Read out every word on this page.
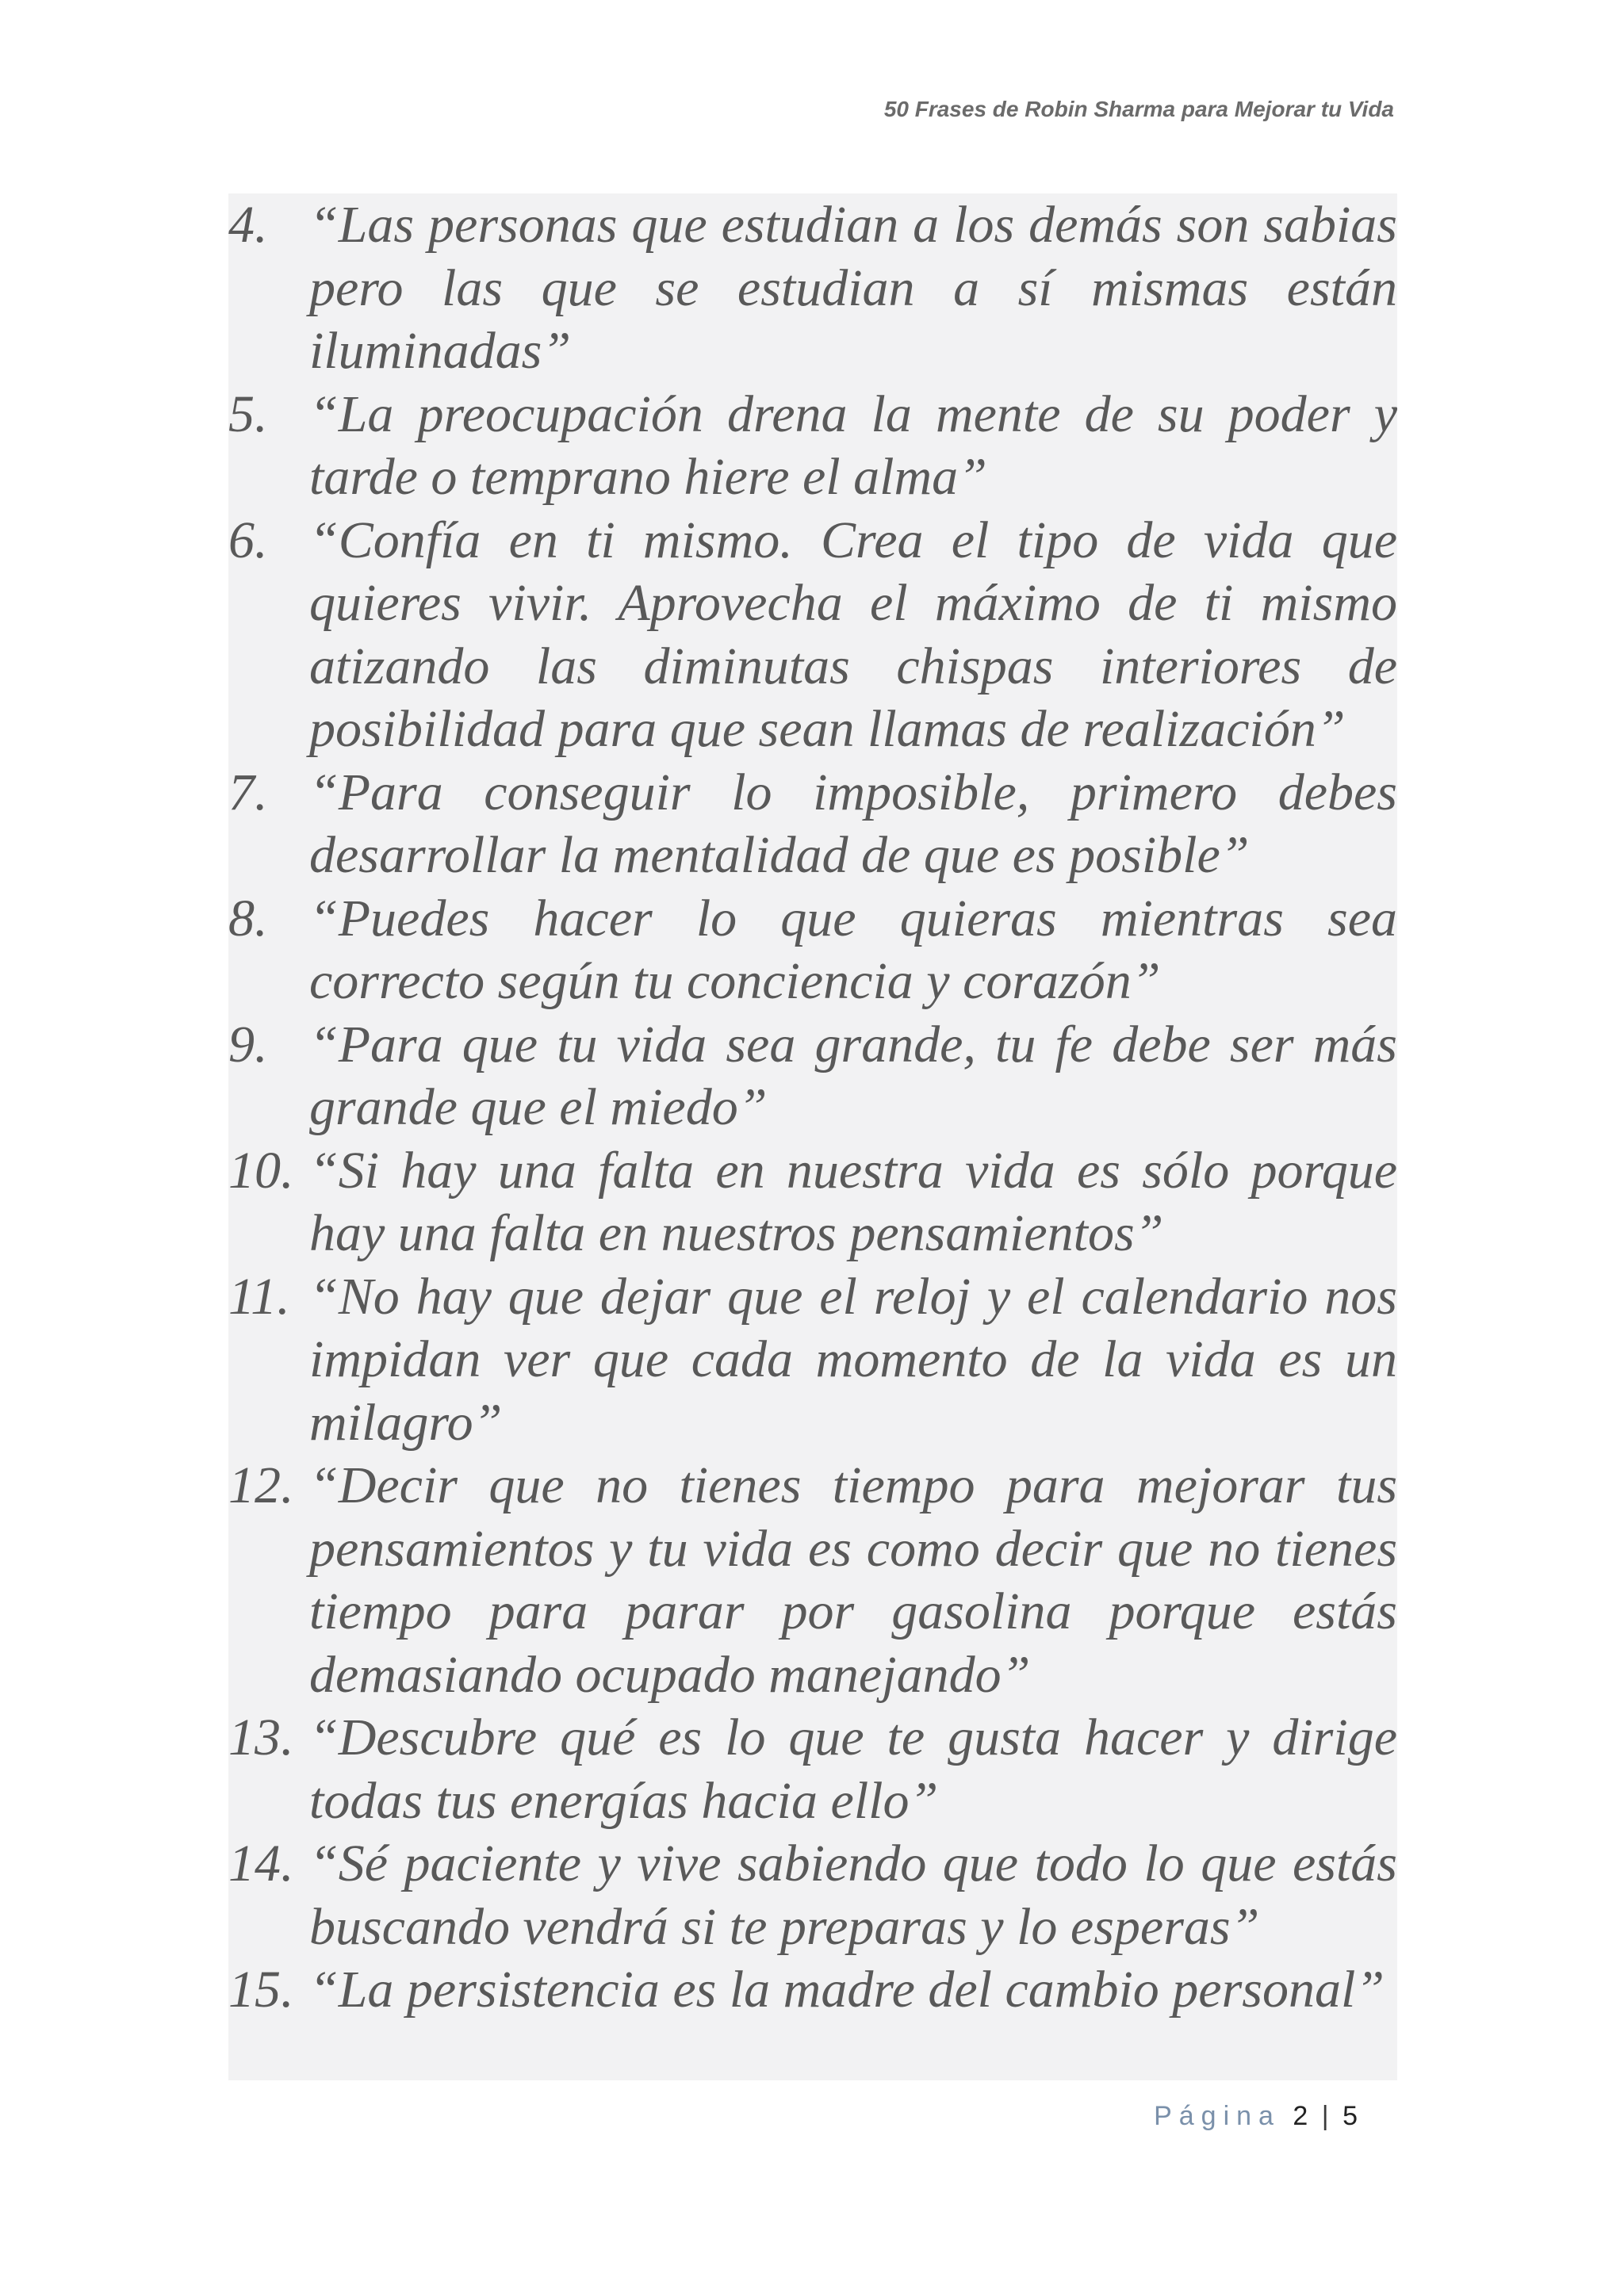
50 Frases de Robin Sharma para Mejorar tu Vida
4. “Las personas que estudian a los demás son sabias pero las que se estudian a sí mismas están iluminadas”
5. “La preocupación drena la mente de su poder y tarde o temprano hiere el alma”
6. “Confía en ti mismo. Crea el tipo de vida que quieres vivir. Aprovecha el máximo de ti mismo atizando las diminutas chispas interiores de posibilidad para que sean llamas de realización”
7. “Para conseguir lo imposible, primero debes desarrollar la mentalidad de que es posible”
8. “Puedes hacer lo que quieras mientras sea correcto según tu conciencia y corazón”
9. “Para que tu vida sea grande, tu fe debe ser más grande que el miedo”
10. “Si hay una falta en nuestra vida es sólo porque hay una falta en nuestros pensamientos”
11. “No hay que dejar que el reloj y el calendario nos impidan ver que cada momento de la vida es un milagro”
12. “Decir que no tienes tiempo para mejorar tus pensamientos y tu vida es como decir que no tienes tiempo para parar por gasolina porque estás demasiando ocupado manejando”
13. “Descubre qué es lo que te gusta hacer y dirige todas tus energías hacia ello”
14. “Sé paciente y vive sabiendo que todo lo que estás buscando vendrá si te preparas y lo esperas”
15. “La persistencia es la madre del cambio personal”
Página 2 | 5
